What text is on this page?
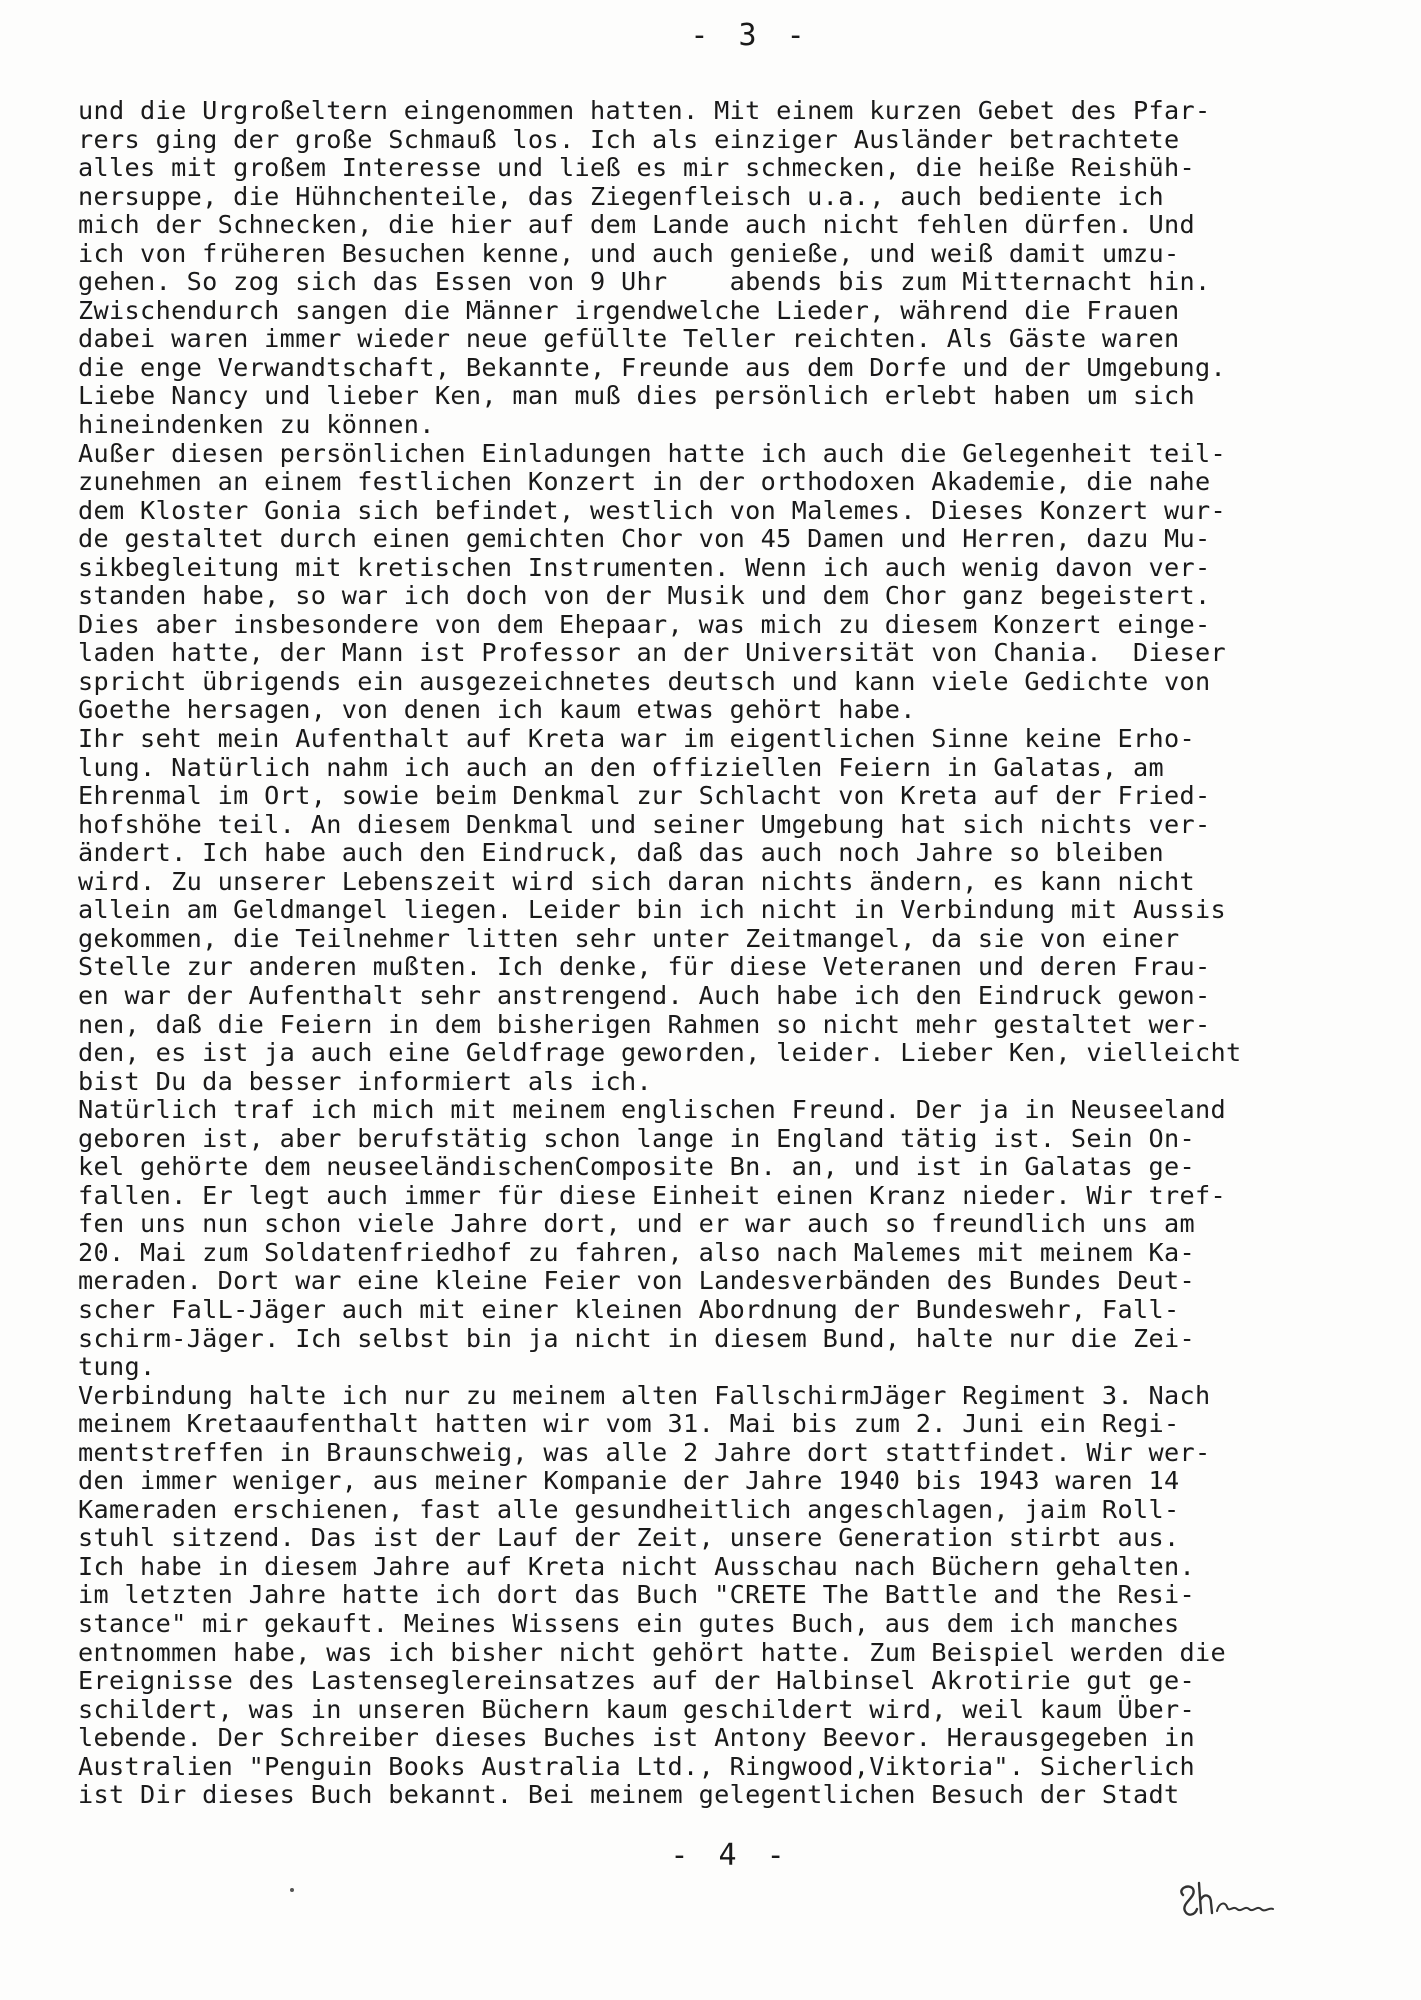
- 3 -
und die Urgroßeltern eingenommen hatten. Mit einem kurzen Gebet des Pfar-
rers ging der große Schmauß los. Ich als einziger Ausländer betrachtete
alles mit großem Interesse und ließ es mir schmecken, die heiße Reishüh-
nersuppe, die Hühnchenteile, das Ziegenfleisch u.a., auch bediente ich
mich der Schnecken, die hier auf dem Lande auch nicht fehlen dürfen. Und
ich von früheren Besuchen kenne, und auch genieße, und weiß damit umzu-
gehen. So zog sich das Essen von 9 Uhr    abends bis zum Mitternacht hin.
Zwischendurch sangen die Männer irgendwelche Lieder, während die Frauen
dabei waren immer wieder neue gefüllte Teller reichten. Als Gäste waren
die enge Verwandtschaft, Bekannte, Freunde aus dem Dorfe und der Umgebung.
Liebe Nancy und lieber Ken, man muß dies persönlich erlebt haben um sich
hineindenken zu können.
Außer diesen persönlichen Einladungen hatte ich auch die Gelegenheit teil-
zunehmen an einem festlichen Konzert in der orthodoxen Akademie, die nahe
dem Kloster Gonia sich befindet, westlich von Malemes. Dieses Konzert wur-
de gestaltet durch einen gemichten Chor von 45 Damen und Herren, dazu Mu-
sikbegleitung mit kretischen Instrumenten. Wenn ich auch wenig davon ver-
standen habe, so war ich doch von der Musik und dem Chor ganz begeistert.
Dies aber insbesondere von dem Ehepaar, was mich zu diesem Konzert einge-
laden hatte, der Mann ist Professor an der Universität von Chania.  Dieser
spricht übrigends ein ausgezeichnetes deutsch und kann viele Gedichte von
Goethe hersagen, von denen ich kaum etwas gehört habe.
Ihr seht mein Aufenthalt auf Kreta war im eigentlichen Sinne keine Erho-
lung. Natürlich nahm ich auch an den offiziellen Feiern in Galatas, am
Ehrenmal im Ort, sowie beim Denkmal zur Schlacht von Kreta auf der Fried-
hofshöhe teil. An diesem Denkmal und seiner Umgebung hat sich nichts ver-
ändert. Ich habe auch den Eindruck, daß das auch noch Jahre so bleiben
wird. Zu unserer Lebenszeit wird sich daran nichts ändern, es kann nicht
allein am Geldmangel liegen. Leider bin ich nicht in Verbindung mit Aussis
gekommen, die Teilnehmer litten sehr unter Zeitmangel, da sie von einer
Stelle zur anderen mußten. Ich denke, für diese Veteranen und deren Frau-
en war der Aufenthalt sehr anstrengend. Auch habe ich den Eindruck gewon-
nen, daß die Feiern in dem bisherigen Rahmen so nicht mehr gestaltet wer-
den, es ist ja auch eine Geldfrage geworden, leider. Lieber Ken, vielleicht
bist Du da besser informiert als ich.
Natürlich traf ich mich mit meinem englischen Freund. Der ja in Neuseeland
geboren ist, aber berufstätig schon lange in England tätig ist. Sein On-
kel gehörte dem neuseeländischenComposite Bn. an, und ist in Galatas ge-
fallen. Er legt auch immer für diese Einheit einen Kranz nieder. Wir tref-
fen uns nun schon viele Jahre dort, und er war auch so freundlich uns am
20. Mai zum Soldatenfriedhof zu fahren, also nach Malemes mit meinem Ka-
meraden. Dort war eine kleine Feier von Landesverbänden des Bundes Deut-
scher FalL-Jäger auch mit einer kleinen Abordnung der Bundeswehr, Fall-
schirm-Jäger. Ich selbst bin ja nicht in diesem Bund, halte nur die Zei-
tung.
Verbindung halte ich nur zu meinem alten FallschirmJäger Regiment 3. Nach
meinem Kretaaufenthalt hatten wir vom 31. Mai bis zum 2. Juni ein Regi-
mentstreffen in Braunschweig, was alle 2 Jahre dort stattfindet. Wir wer-
den immer weniger, aus meiner Kompanie der Jahre 1940 bis 1943 waren 14
Kameraden erschienen, fast alle gesundheitlich angeschlagen, jaim Roll-
stuhl sitzend. Das ist der Lauf der Zeit, unsere Generation stirbt aus.
Ich habe in diesem Jahre auf Kreta nicht Ausschau nach Büchern gehalten.
im letzten Jahre hatte ich dort das Buch "CRETE The Battle and the Resi-
stance" mir gekauft. Meines Wissens ein gutes Buch, aus dem ich manches
entnommen habe, was ich bisher nicht gehört hatte. Zum Beispiel werden die
Ereignisse des Lastenseglereinsatzes auf der Halbinsel Akrotirie gut ge-
schildert, was in unseren Büchern kaum geschildert wird, weil kaum Über-
lebende. Der Schreiber dieses Buches ist Antony Beevor. Herausgegeben in
Australien "Penguin Books Australia Ltd., Ringwood,Viktoria". Sicherlich
ist Dir dieses Buch bekannt. Bei meinem gelegentlichen Besuch der Stadt
- 4 -
